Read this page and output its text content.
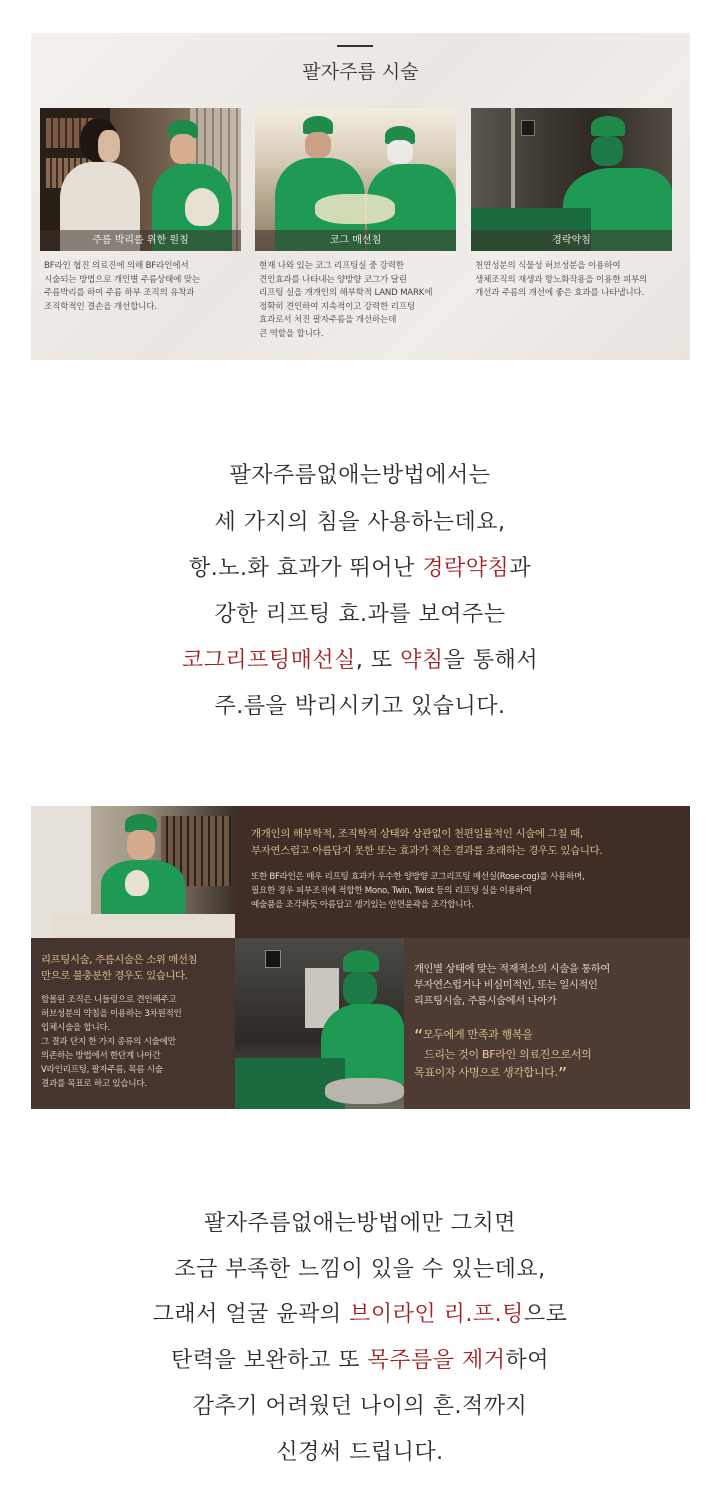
팔자주름 시술
주름 박리를 위한 원침
BF라인 협진 의료진에 의해 BF라인에서
시술되는 방법으로 개인별 주름상태에 맞는
주름박리를 하여 주름 하부 조직의 유착과
조직학적인 결손을 개선합니다.
코그 매선침
현재 나와 있는 코그 리프팅실 중 강력한
견인효과를 나타내는 양방향 코그가 달린
리프팅 실을 개개인의 해부학적 LAND MARK에
정확히 견인하여 지속적이고 강력한 리프팅
효과로서 처진 팔자주름을 개선하는데
큰 역할을 합니다.
경락약침
천연성분의 식물성 허브성분을 이용하여
생체조직의 재생과 항노화작용을 이용한 피부의
개선과 주름의 개선에 좋은 효과를 나타냅니다.
팔자주름없애는방법에서는
세 가지의 침을 사용하는데요,
항.노.화 효과가 뛰어난 경락약침과
강한 리프팅 효.과를 보여주는
코그리프팅매선실, 또 약침을 통해서
주.름을 박리시키고 있습니다.
개개인의 해부학적, 조직학적 상태와 상관없이 천편일률적인 시술에 그칠 때,
부자연스럽고 아름답지 못한 또는 효과가 적은 결과를 초래하는 경우도 있습니다.
또한 BF라인은 매우 리프팅 효과가 우수한 양방향 코그리프팅 매선실(Rose-cog)를 사용하며,
필요한 경우 피부조직에 적합한 Mono, Twin, Twist 등의 리프팅 실을 이용하여
예술품을 조각하듯 아름답고 생기있는 안면윤곽을 조각합니다.
리프팅시술, 주름시술은 소위 매선침
만으로 불충분한 경우도 있습니다.
함몰된 조직은 니들링으로 견인해주고
허브성분의 약침을 이용하는 3차원적인
입체시술을 합니다.
그 결과 단지 한 가지 종류의 시술에만
의존하는 방법에서 한단계 나아간
V라인리프팅, 팔자주름, 목름 시술
결과를 목표로 하고 있습니다.
개인별 상태에 맞는 적재적소의 시술을 통하여
부자연스럽거나 비심미적인, 또는 일시적인
리프팅시술, 주름시술에서 나아가
“모두에게 만족과 행복을
드리는 것이 BF라인 의료진으로서의
목표이자 사명으로 생각합니다.”
팔자주름없애는방법에만 그치면
조금 부족한 느낌이 있을 수 있는데요,
그래서 얼굴 윤곽의 브이라인 리.프.팅으로
탄력을 보완하고 또 목주름을 제거하여
감추기 어려웠던 나이의 흔.적까지
신경써 드립니다.
